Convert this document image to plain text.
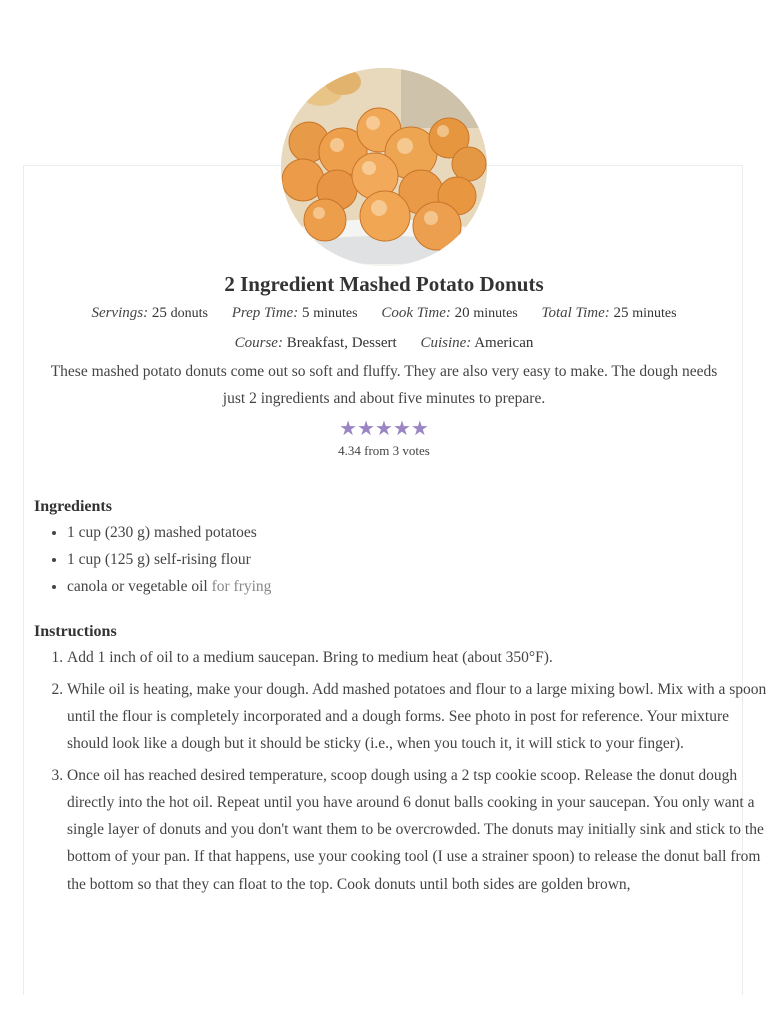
2 Ingredient Mashed Potato Donuts
Servings: 25 donuts Prep Time: 5 minutes Cook Time: 20 minutes Total Time: 25 minutes
Course: Breakfast, Dessert Cuisine: American

These mashed potato donuts come out so soft and fluffy. They are also very easy to make. The dough needs just 2 ingredients and about five minutes to prepare.

★★★★★
4.34 from 3 votes
Ingredients
• 1 cup (230 g) mashed potatoes
• 1 cup (125 g) self-rising flour
• canola or vegetable oil for frying
Instructions
1. Add 1 inch of oil to a medium saucepan. Bring to medium heat (about 350°F).
2. While oil is heating, make your dough. Add mashed potatoes and flour to a large mixing bowl. Mix with a spoon until the flour is completely incorporated and a dough forms. See photo in post for reference. Your mixture should look like a dough but it should be sticky (i.e., when you touch it, it will stick to your finger).
3. Once oil has reached desired temperature, scoop dough using a 2 tsp cookie scoop. Release the donut dough directly into the hot oil. Repeat until you have around 6 donut balls cooking in your saucepan. You only want a single layer of donuts and you don't want them to be overcrowded. The donuts may initially sink and stick to the bottom of your pan. If that happens, use your cooking tool (I use a strainer spoon) to release the donut ball from the bottom so that they can float to the top. Cook donuts until both sides are golden brown,
